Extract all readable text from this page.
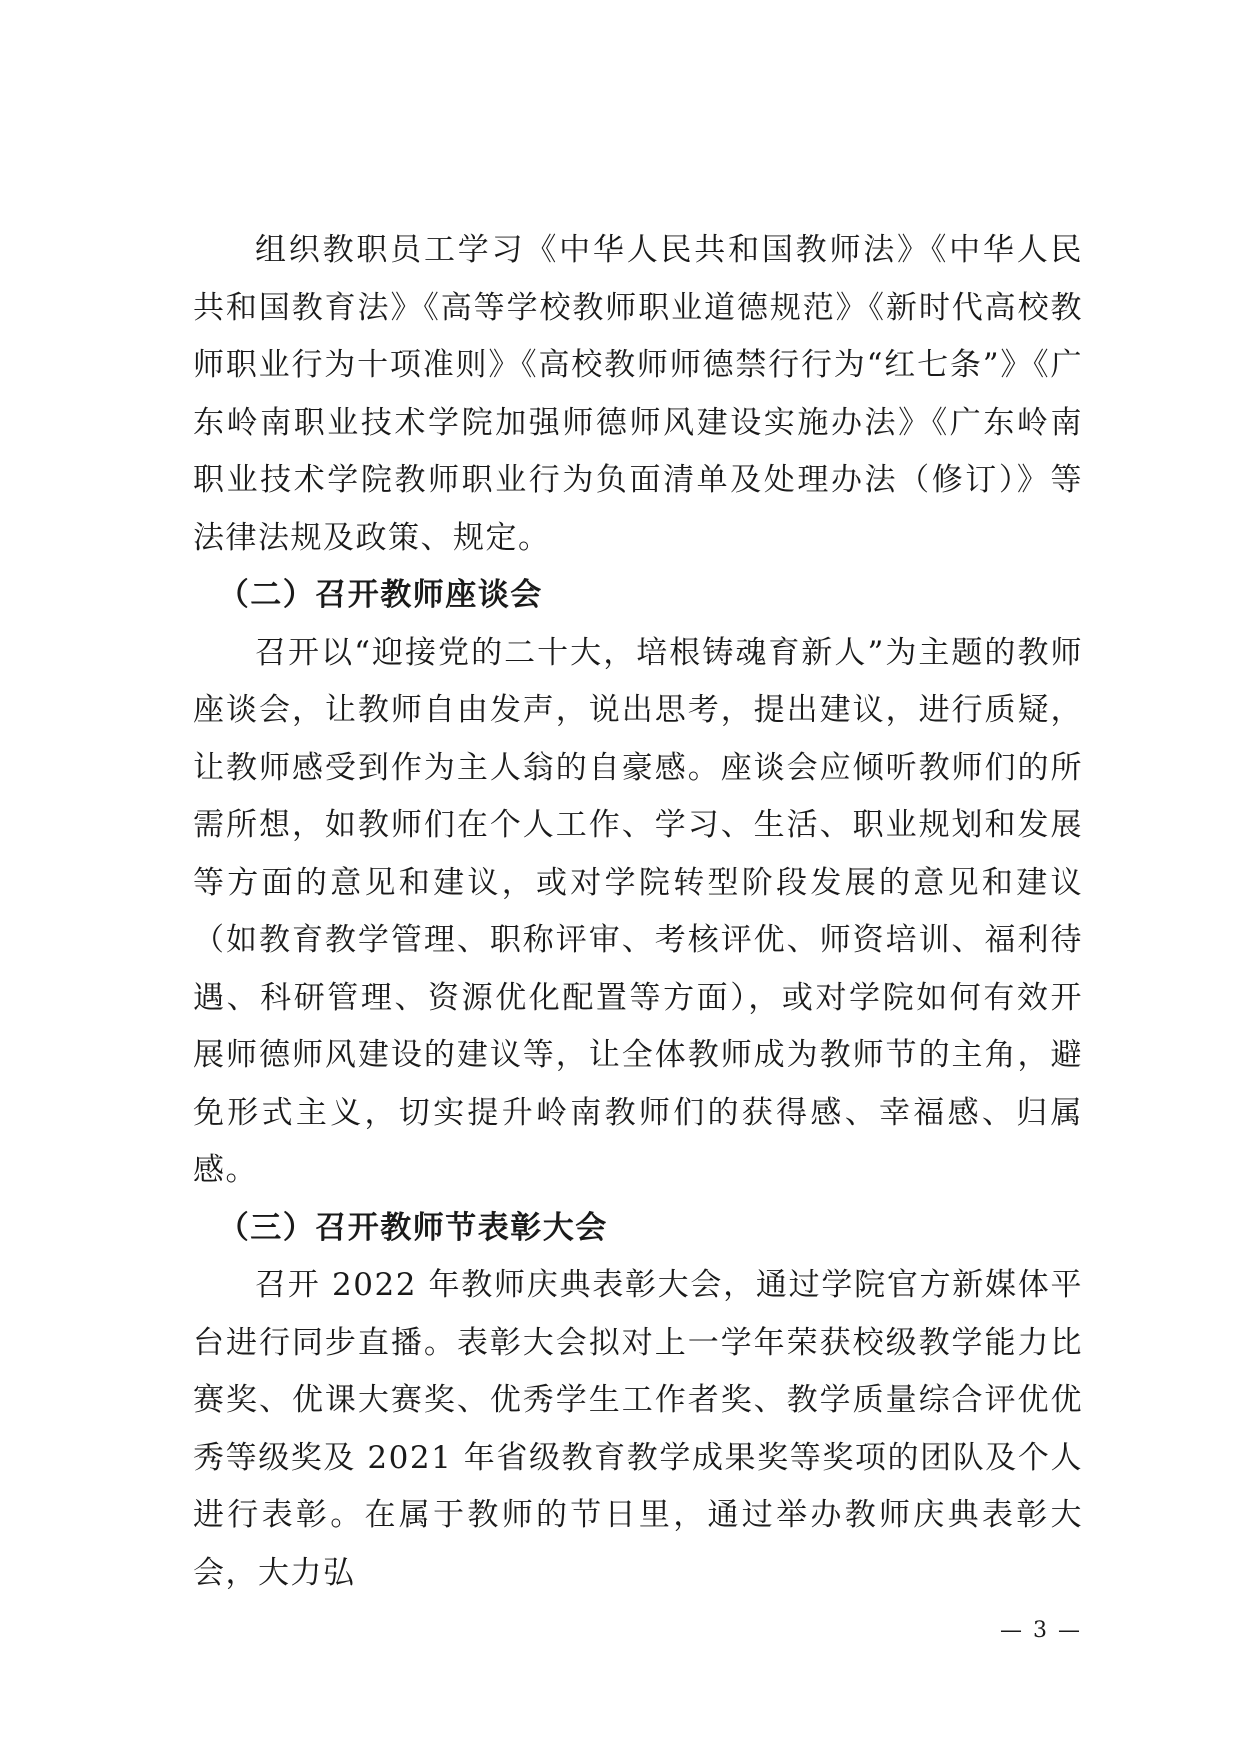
组织教职员工学习《中华人民共和国教师法》《中华人民共和国教育法》《高等学校教师职业道德规范》《新时代高校教师职业行为十项准则》《高校教师师德禁行行为“红七条”》《广东岭南职业技术学院加强师德师风建设实施办法》《广东岭南职业技术学院教师职业行为负面清单及处理办法（修订）》等法律法规及政策、规定。

（二）召开教师座谈会

召开以“迎接党的二十大，培根铸魂育新人”为主题的教师座谈会，让教师自由发声，说出思考，提出建议，进行质疑，让教师感受到作为主人翁的自豪感。座谈会应倾听教师们的所需所想，如教师们在个人工作、学习、生活、职业规划和发展等方面的意见和建议，或对学院转型阶段发展的意见和建议（如教育教学管理、职称评审、考核评优、师资培训、福利待遇、科研管理、资源优化配置等方面），或对学院如何有效开展师德师风建设的建议等，让全体教师成为教师节的主角，避免形式主义，切实提升岭南教师们的获得感、幸福感、归属感。

（三）召开教师节表彰大会

召开 2022 年教师庆典表彰大会，通过学院官方新媒体平台进行同步直播。表彰大会拟对上一学年荣获校级教学能力比赛奖、优课大赛奖、优秀学生工作者奖、教学质量综合评优优秀等级奖及 2021 年省级教育教学成果奖等奖项的团队及个人进行表彰。在属于教师的节日里，通过举办教师庆典表彰大会，大力弘

— 3 —
